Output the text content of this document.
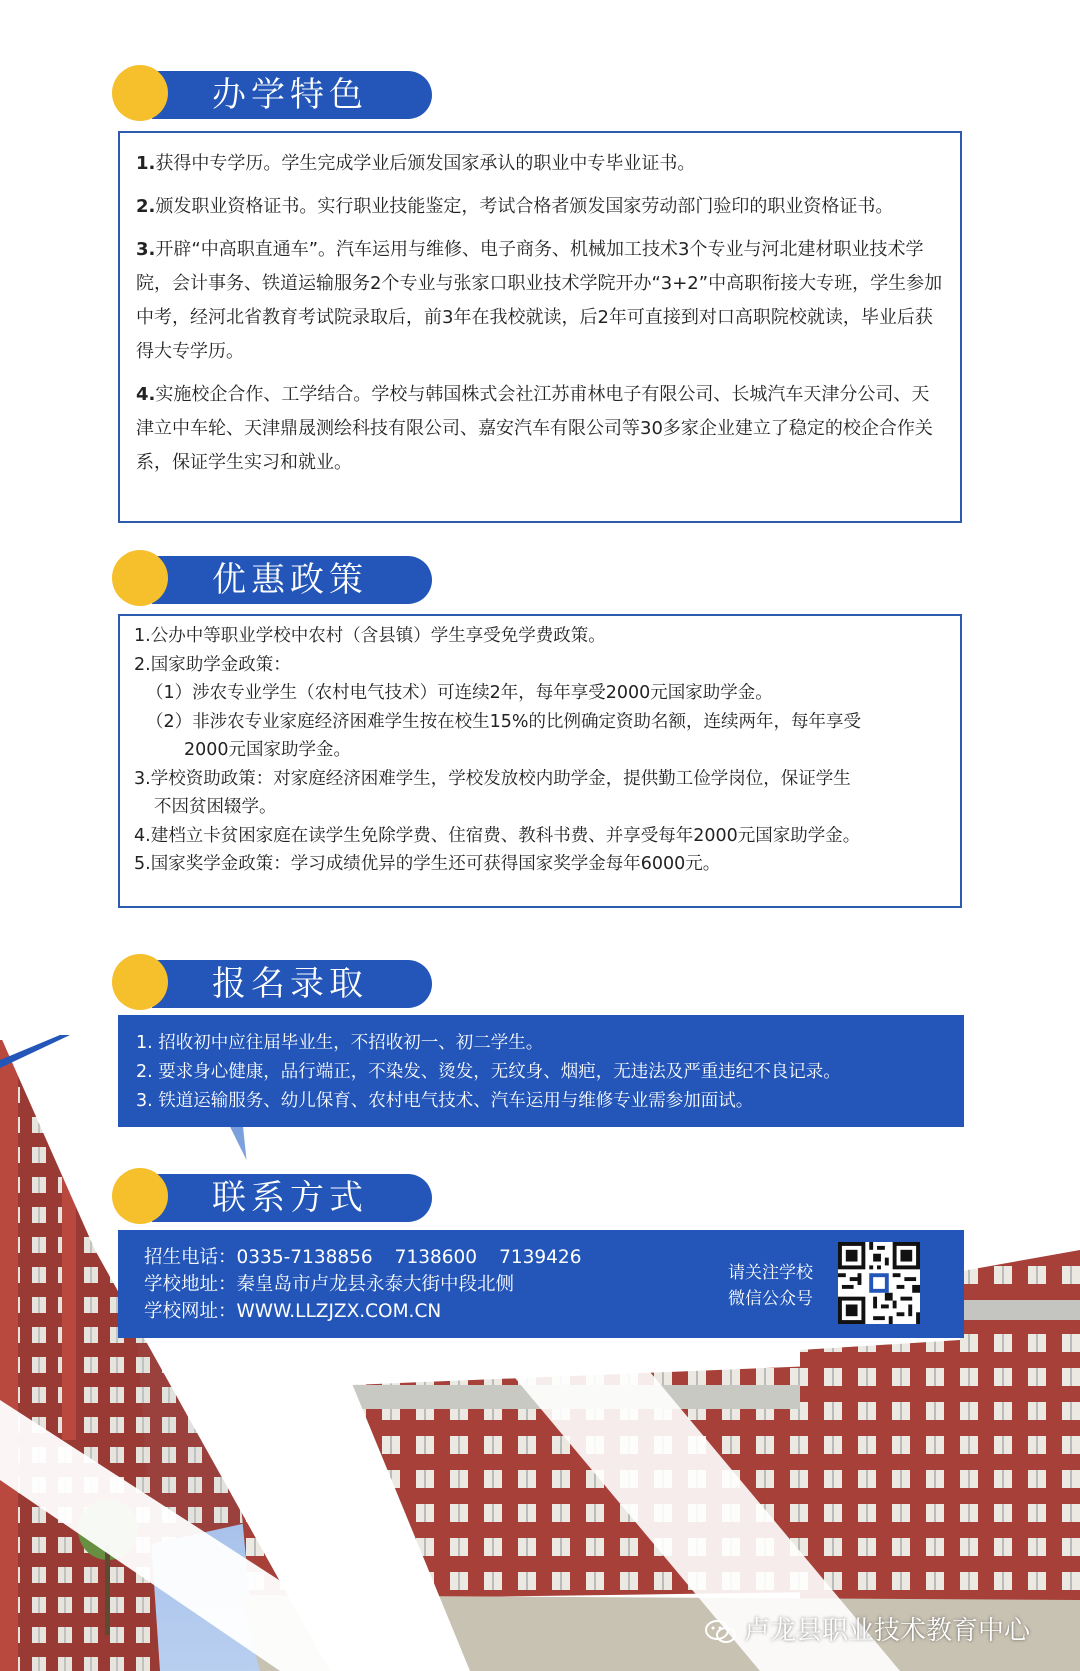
办学特色

1.获得中专学历。学生完成学业后颁发国家承认的职业中专毕业证书。

2.颁发职业资格证书。实行职业技能鉴定，考试合格者颁发国家劳动部门验印的职业资格证书。

3.开辟“中高职直通车”。汽车运用与维修、电子商务、机械加工技术3个专业与河北建材职业技术学院，会计事务、铁道运输服务2个专业与张家口职业技术学院开办“3+2”中高职衔接大专班，学生参加中考，经河北省教育考试院录取后，前3年在我校就读，后2年可直接到对口高职院校就读，毕业后获得大专学历。

4.实施校企合作、工学结合。学校与韩国株式会社江苏甫林电子有限公司、长城汽车天津分公司、天津立中车轮、天津鼎晟测绘科技有限公司、嘉安汽车有限公司等30多家企业建立了稳定的校企合作关系，保证学生实习和就业。

优惠政策
1.公办中等职业学校中农村（含县镇）学生享受免学费政策。
2.国家助学金政策：
（1）涉农专业学生（农村电气技术）可连续2年，每年享受2000元国家助学金。
（2）非涉农专业家庭经济困难学生按在校生15%的比例确定资助名额，连续两年，每年享受
2000元国家助学金。
3.学校资助政策：对家庭经济困难学生，学校发放校内助学金，提供勤工俭学岗位，保证学生
不因贫困辍学。
4.建档立卡贫困家庭在读学生免除学费、住宿费、教科书费、并享受每年2000元国家助学金。
5.国家奖学金政策：学习成绩优异的学生还可获得国家奖学金每年6000元。
报名录取
1. 招收初中应往届毕业生，不招收初一、初二学生。
2. 要求身心健康，品行端正，不染发、烫发，无纹身、烟疤，无违法及严重违纪不良记录。
3. 铁道运输服务、幼儿保育、农村电气技术、汽车运用与维修专业需参加面试。
联系方式
招生电话：0335-7138856 7138600 7139426
学校地址：秦皇岛市卢龙县永泰大街中段北侧
学校网址：WWW.LLZJZX.COM.CN
请关注学校
微信公众号
卢龙县职业技术教育中心
